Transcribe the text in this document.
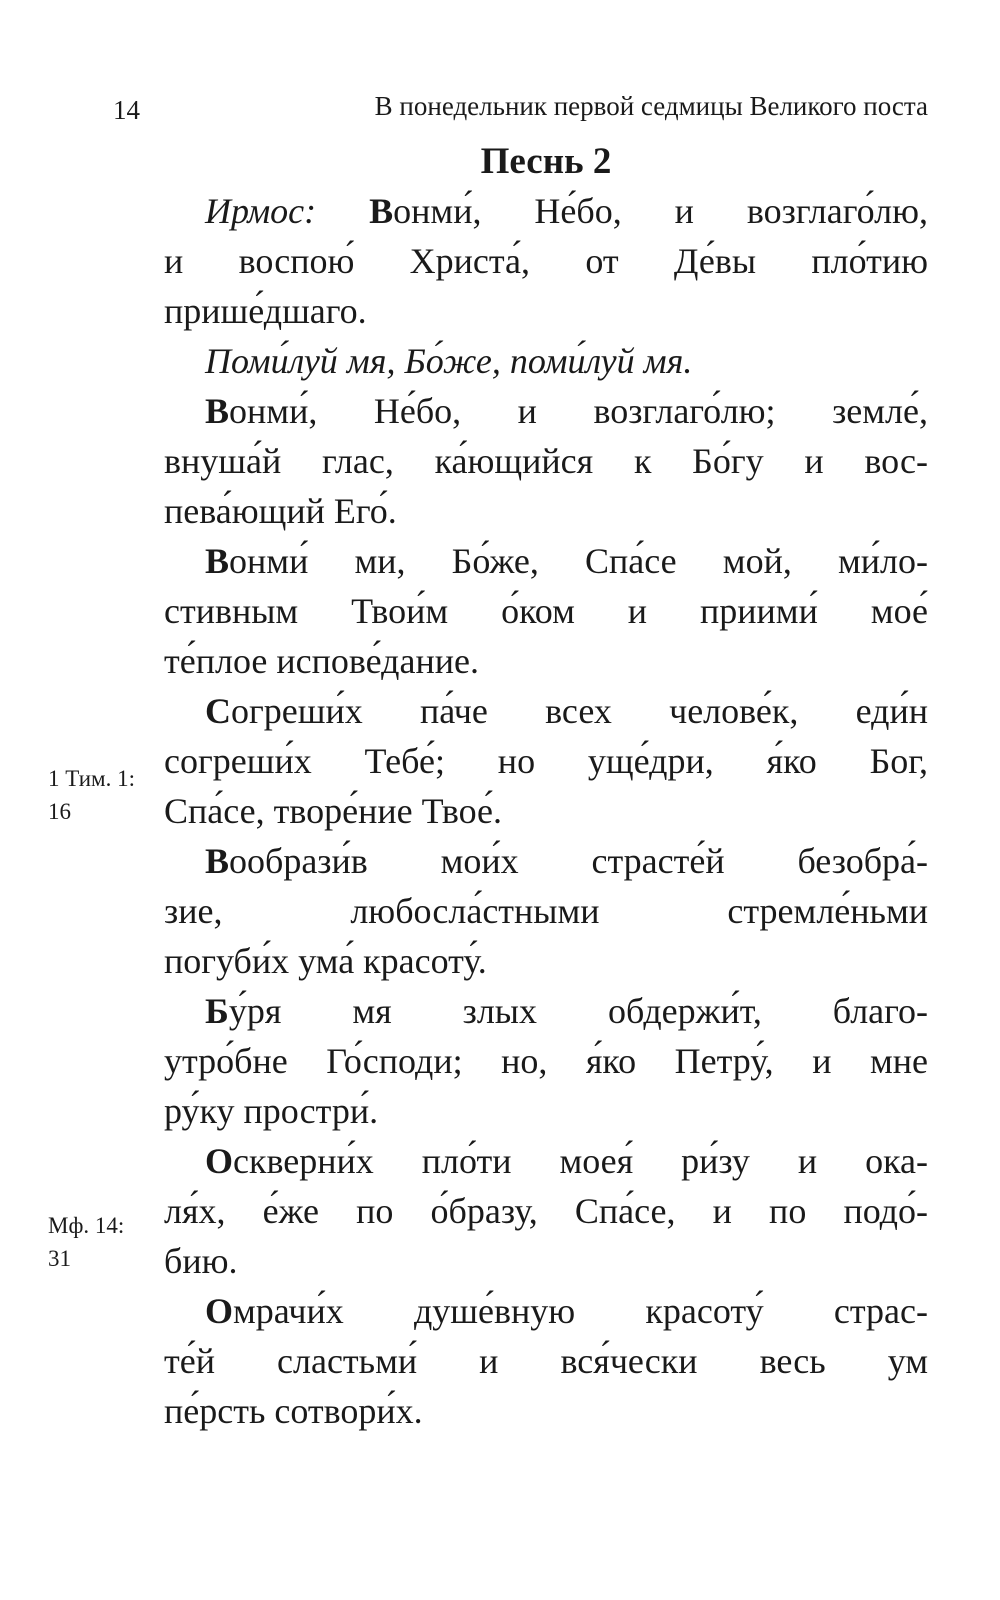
14	В понедельник первой седмицы Великого поста
Песнь 2
Ирмос: Вонми́, Не́бо, и возглаго́лю,
и воспою́ Христа́, от Де́вы пло́тию
прише́дшаго.
Поми́луй мя, Бо́же, поми́луй мя.
Вонми́, Не́бо, и возглаго́лю; земле́,
внуша́й глас, ка́ющийся к Бо́гу и вос-
пева́ющий Его́.
Вонми́ ми, Бо́же, Спа́се мой, ми́ло-
стивным Твои́м о́ком и приими́ мое́
те́плое испове́дание.
Согреши́х па́че всех челове́к, еди́н
согреши́х Тебе́; но уще́дри, я́ко Бог,
Спа́се, творе́ние Твое́.
Вообрази́в мои́х страсте́й безобра́-
зие, любосла́стными стремле́ньми
погуби́х ума́ красоту́.
Бу́ря мя злых обдержи́т, благо-
утро́бне Го́споди; но, я́ко Петру́, и мне
ру́ку простри́.
Оскверни́х пло́ти моея́ ри́зу и ока-
ля́х, е́же по о́бразу, Спа́се, и по подо́-
бию.
Омрачи́х душе́вную красоту́ страс-
те́й сластьми́ и вся́чески весь ум
пе́рсть сотвори́х.
1 Тим. 1:
16
Мф. 14:
31
